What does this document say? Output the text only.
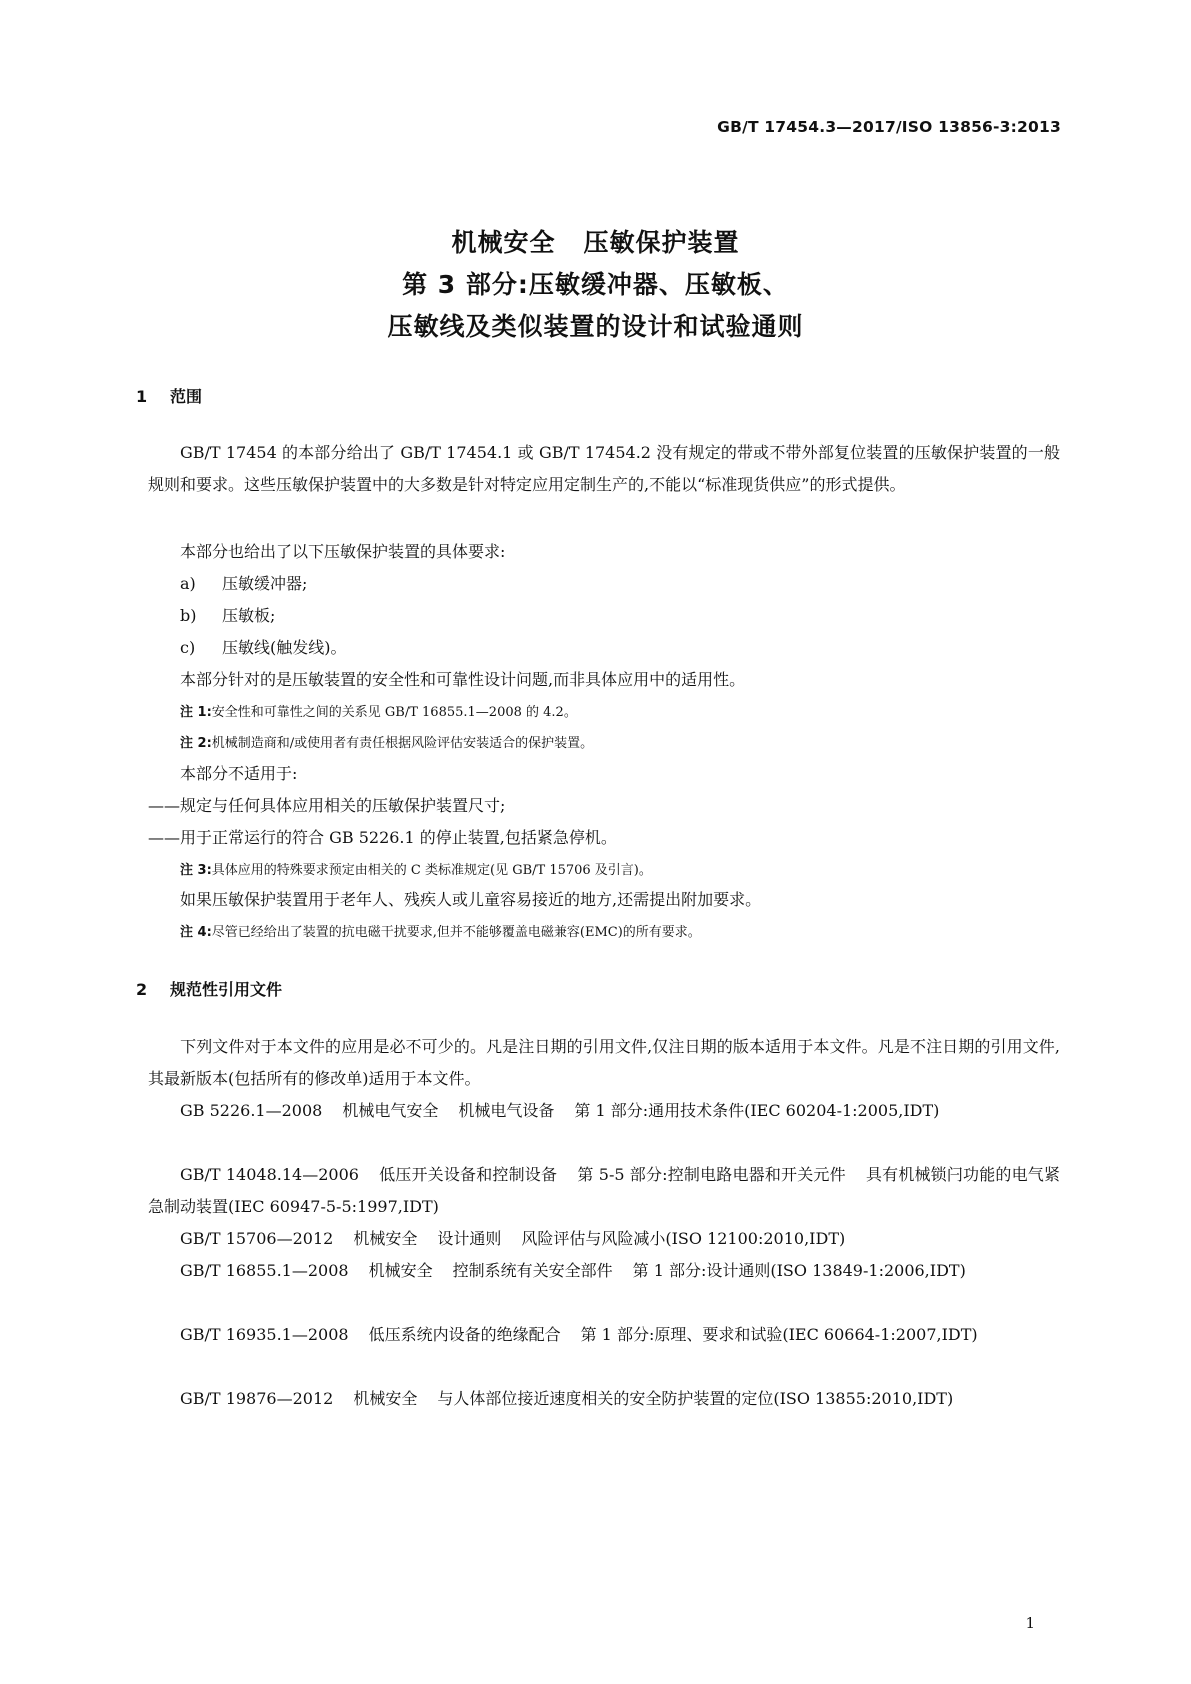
GB/T 17454.3—2017/ISO 13856-3:2013
机械安全 压敏保护装置
第 3 部分:压敏缓冲器、压敏板、
压敏线及类似装置的设计和试验通则
1 范围
GB/T 17454 的本部分给出了 GB/T 17454.1 或 GB/T 17454.2 没有规定的带或不带外部复位装置的压敏保护装置的一般规则和要求。这些压敏保护装置中的大多数是针对特定应用定制生产的,不能以“标准现货供应”的形式提供。
本部分也给出了以下压敏保护装置的具体要求:
a) 压敏缓冲器;
b) 压敏板;
c) 压敏线(触发线)。
本部分针对的是压敏装置的安全性和可靠性设计问题,而非具体应用中的适用性。
注 1:安全性和可靠性之间的关系见 GB/T 16855.1—2008 的 4.2。
注 2:机械制造商和/或使用者有责任根据风险评估安装适合的保护装置。
本部分不适用于:
——规定与任何具体应用相关的压敏保护装置尺寸;
——用于正常运行的符合 GB 5226.1 的停止装置,包括紧急停机。
注 3:具体应用的特殊要求预定由相关的 C 类标准规定(见 GB/T 15706 及引言)。
如果压敏保护装置用于老年人、残疾人或儿童容易接近的地方,还需提出附加要求。
注 4:尽管已经给出了装置的抗电磁干扰要求,但并不能够覆盖电磁兼容(EMC)的所有要求。
2 规范性引用文件
下列文件对于本文件的应用是必不可少的。凡是注日期的引用文件,仅注日期的版本适用于本文件。凡是不注日期的引用文件,其最新版本(包括所有的修改单)适用于本文件。
GB 5226.1—2008 机械电气安全 机械电气设备 第 1 部分:通用技术条件(IEC 60204-1:2005,IDT)
GB/T 14048.14—2006 低压开关设备和控制设备 第 5-5 部分:控制电路电器和开关元件 具有机械锁闩功能的电气紧急制动装置(IEC 60947-5-5:1997,IDT)
GB/T 15706—2012 机械安全 设计通则 风险评估与风险减小(ISO 12100:2010,IDT)
GB/T 16855.1—2008 机械安全 控制系统有关安全部件 第 1 部分:设计通则(ISO 13849-1:2006,IDT)
GB/T 16935.1—2008 低压系统内设备的绝缘配合 第 1 部分:原理、要求和试验(IEC 60664-1:2007,IDT)
GB/T 19876—2012 机械安全 与人体部位接近速度相关的安全防护装置的定位(ISO 13855:2010,IDT)
1
